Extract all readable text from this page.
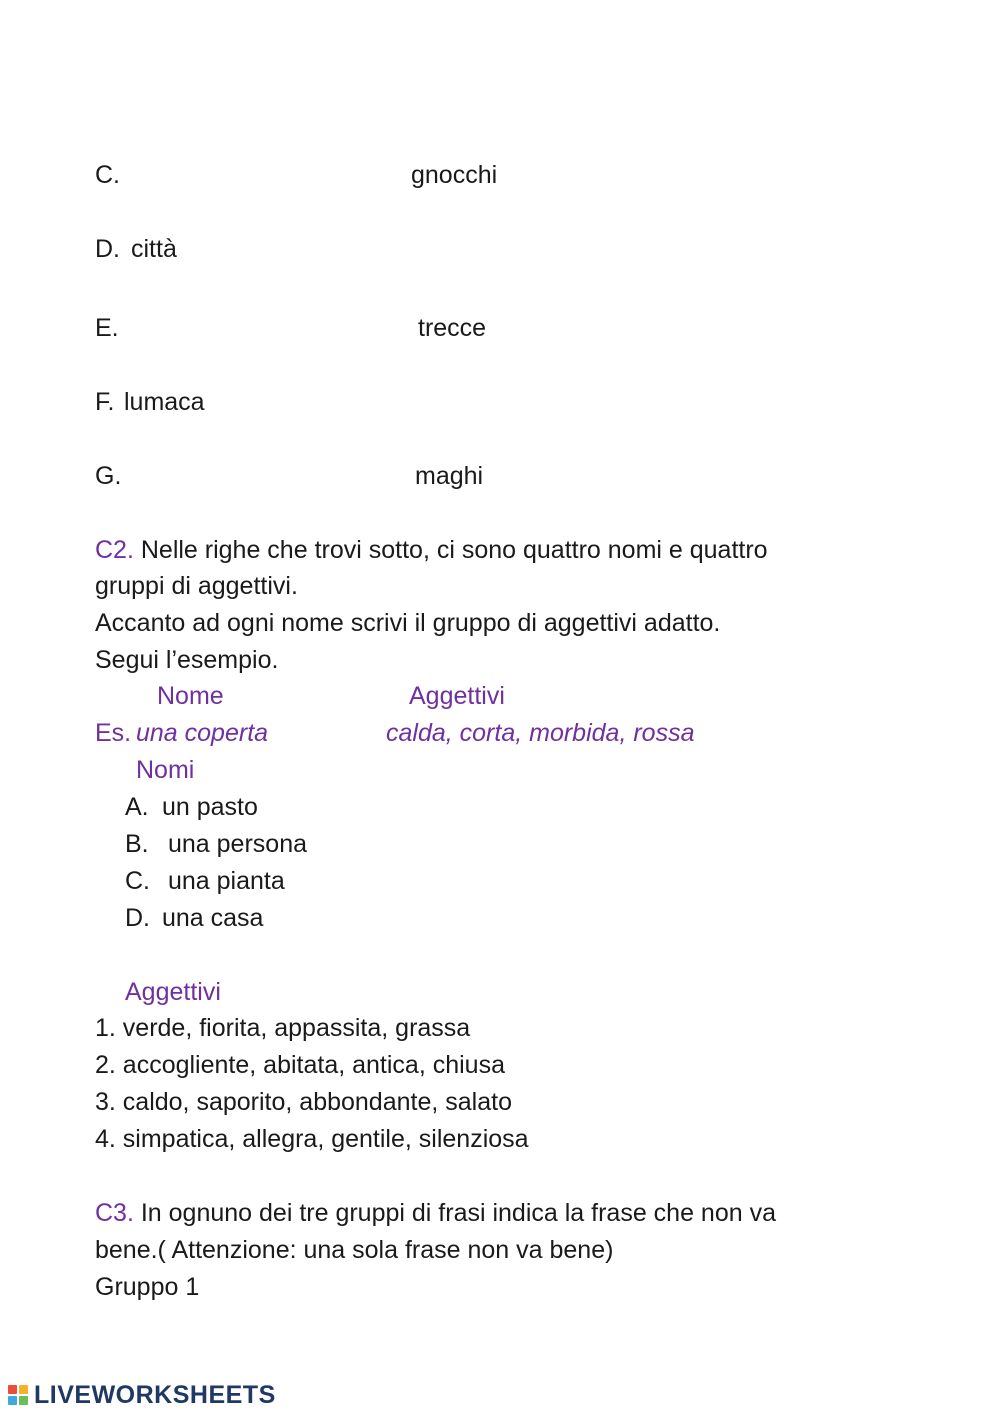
C.	gnocchi
D. città
E.	trecce
F. lumaca
G.	maghi
C2. Nelle righe che trovi sotto, ci sono quattro nomi e quattro
gruppi di aggettivi.
Accanto ad ogni nome scrivi il gruppo di aggettivi adatto.
Segui l’esempio.
Nome	Aggettivi
Es. una coperta	calda, corta, morbida, rossa
Nomi
A. un pasto
B. una persona
C. una pianta
D. una casa
Aggettivi
1. verde, fiorita, appassita, grassa
2. accogliente, abitata, antica, chiusa
3. caldo, saporito, abbondante, salato
4. simpatica, allegra, gentile, silenziosa
C3. In ognuno dei tre gruppi di frasi indica la frase che non va
bene.( Attenzione: una sola frase non va bene)
Gruppo 1
LIVEWORKSHEETS
